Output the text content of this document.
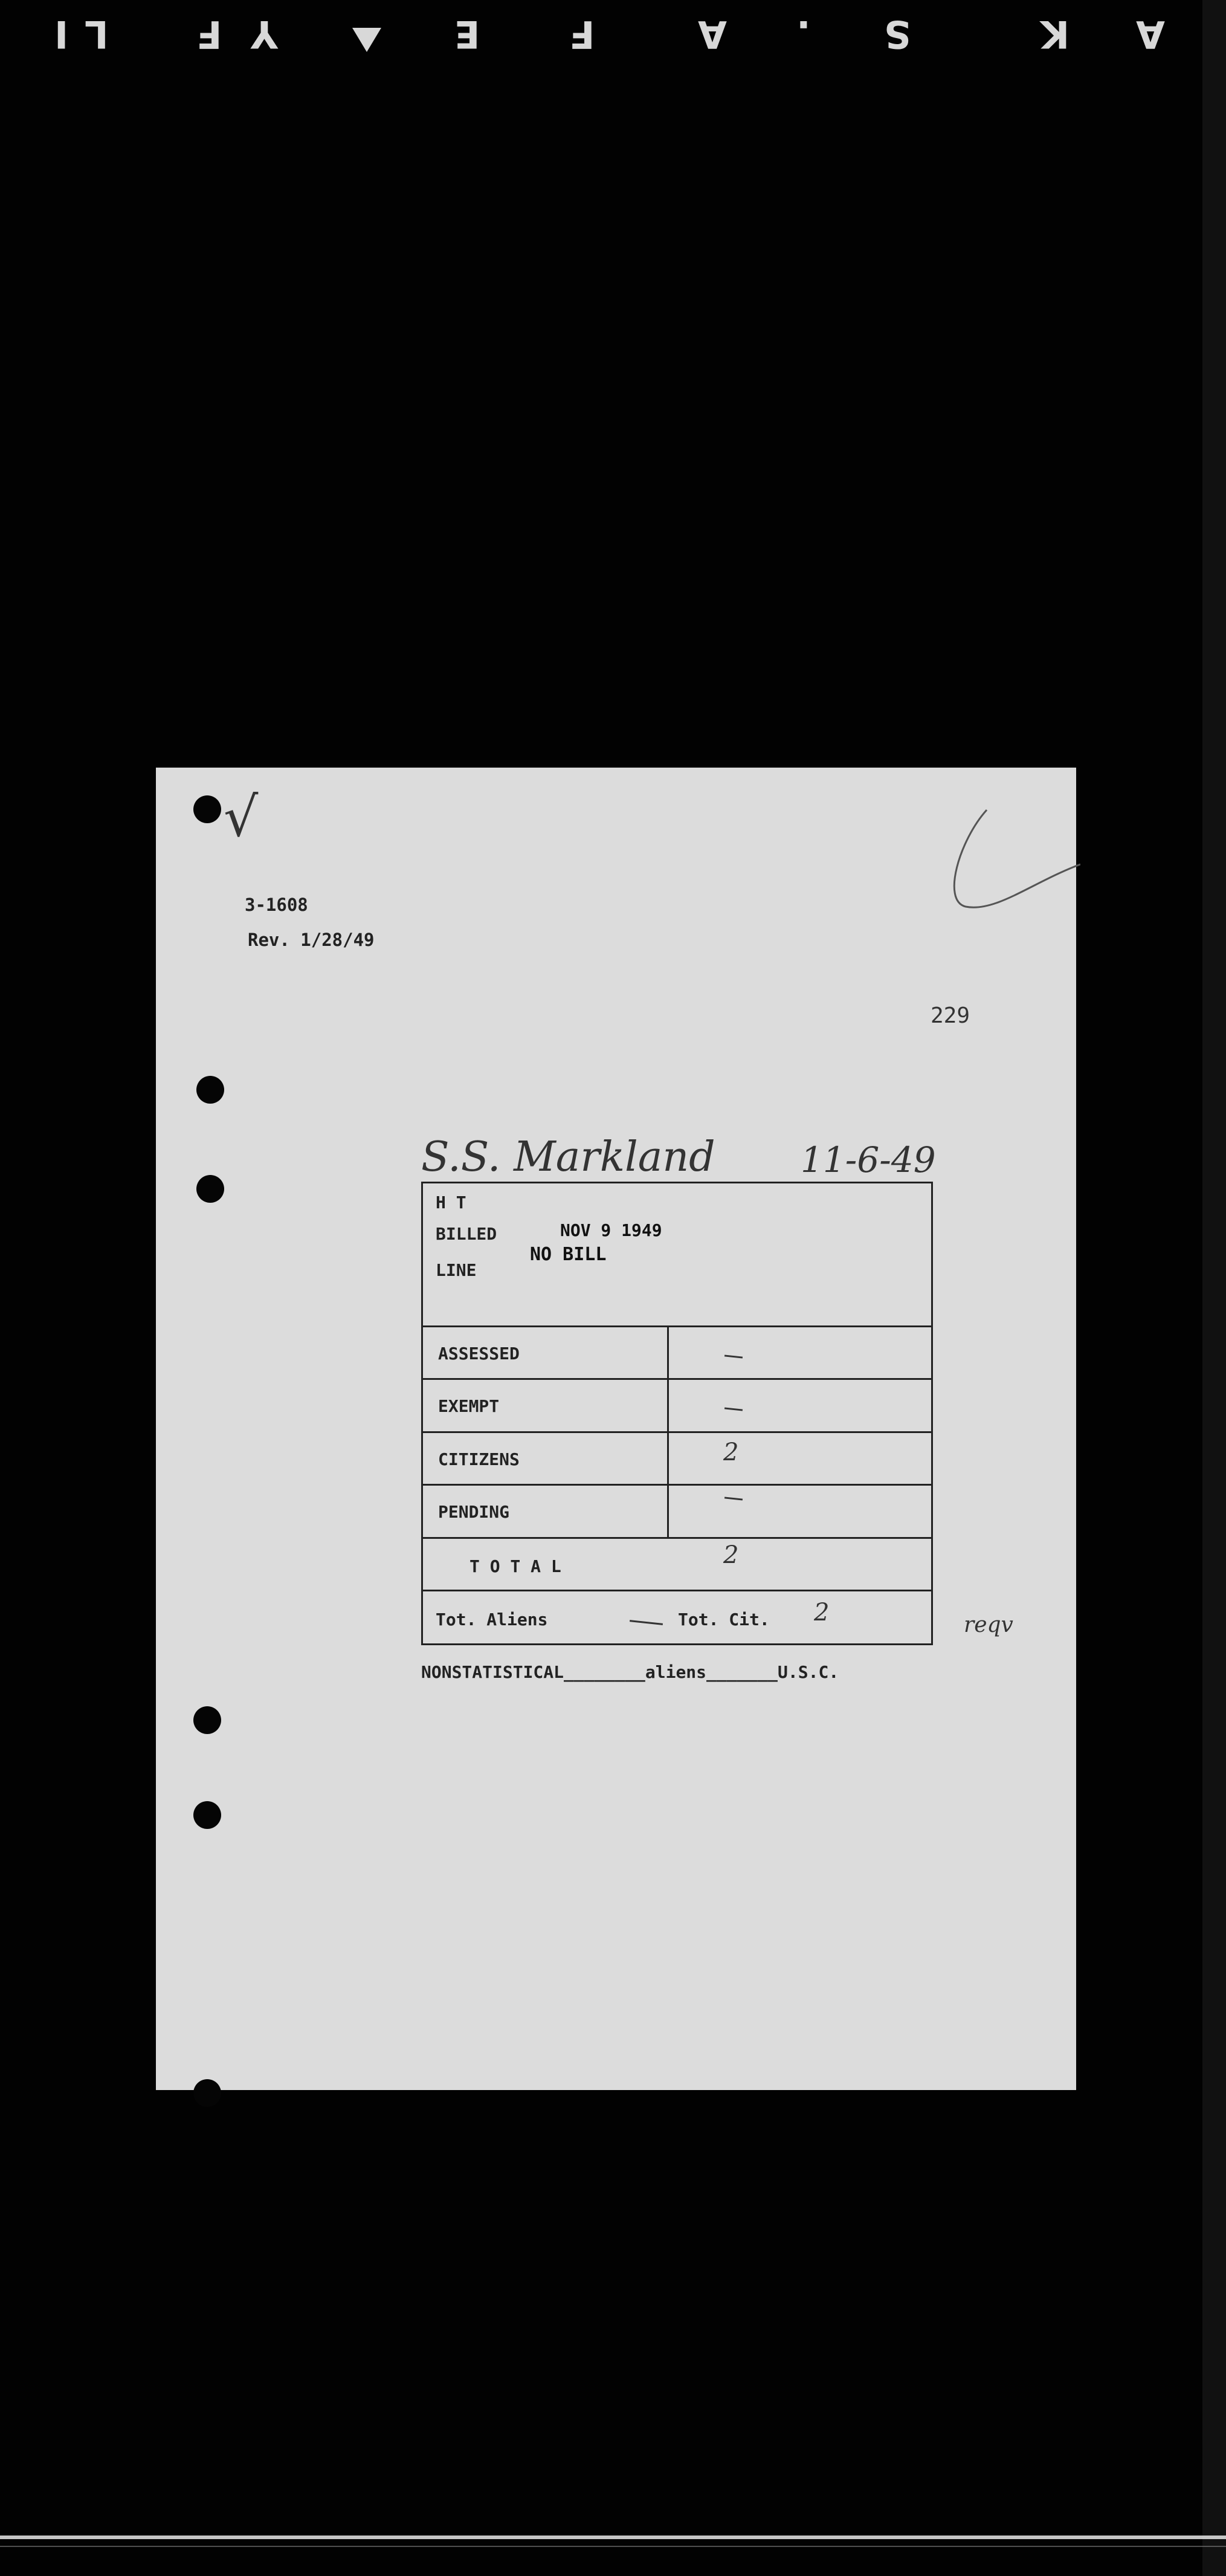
A
K
S
.
A
F
E
Y
F
I L
√
3-1608
Rev. 1/28/49
229
S.S. Markland 11-6-49
H T
BILLED	NOV 9 1949
LINE
NO BILL
ASSESSED
EXEMPT
CITIZENS	2
PENDING
T O T A L	2
Tot. Aliens	Tot. Cit. 2	reqv
NONSTATISTICAL________aliens_______U.S.C.
